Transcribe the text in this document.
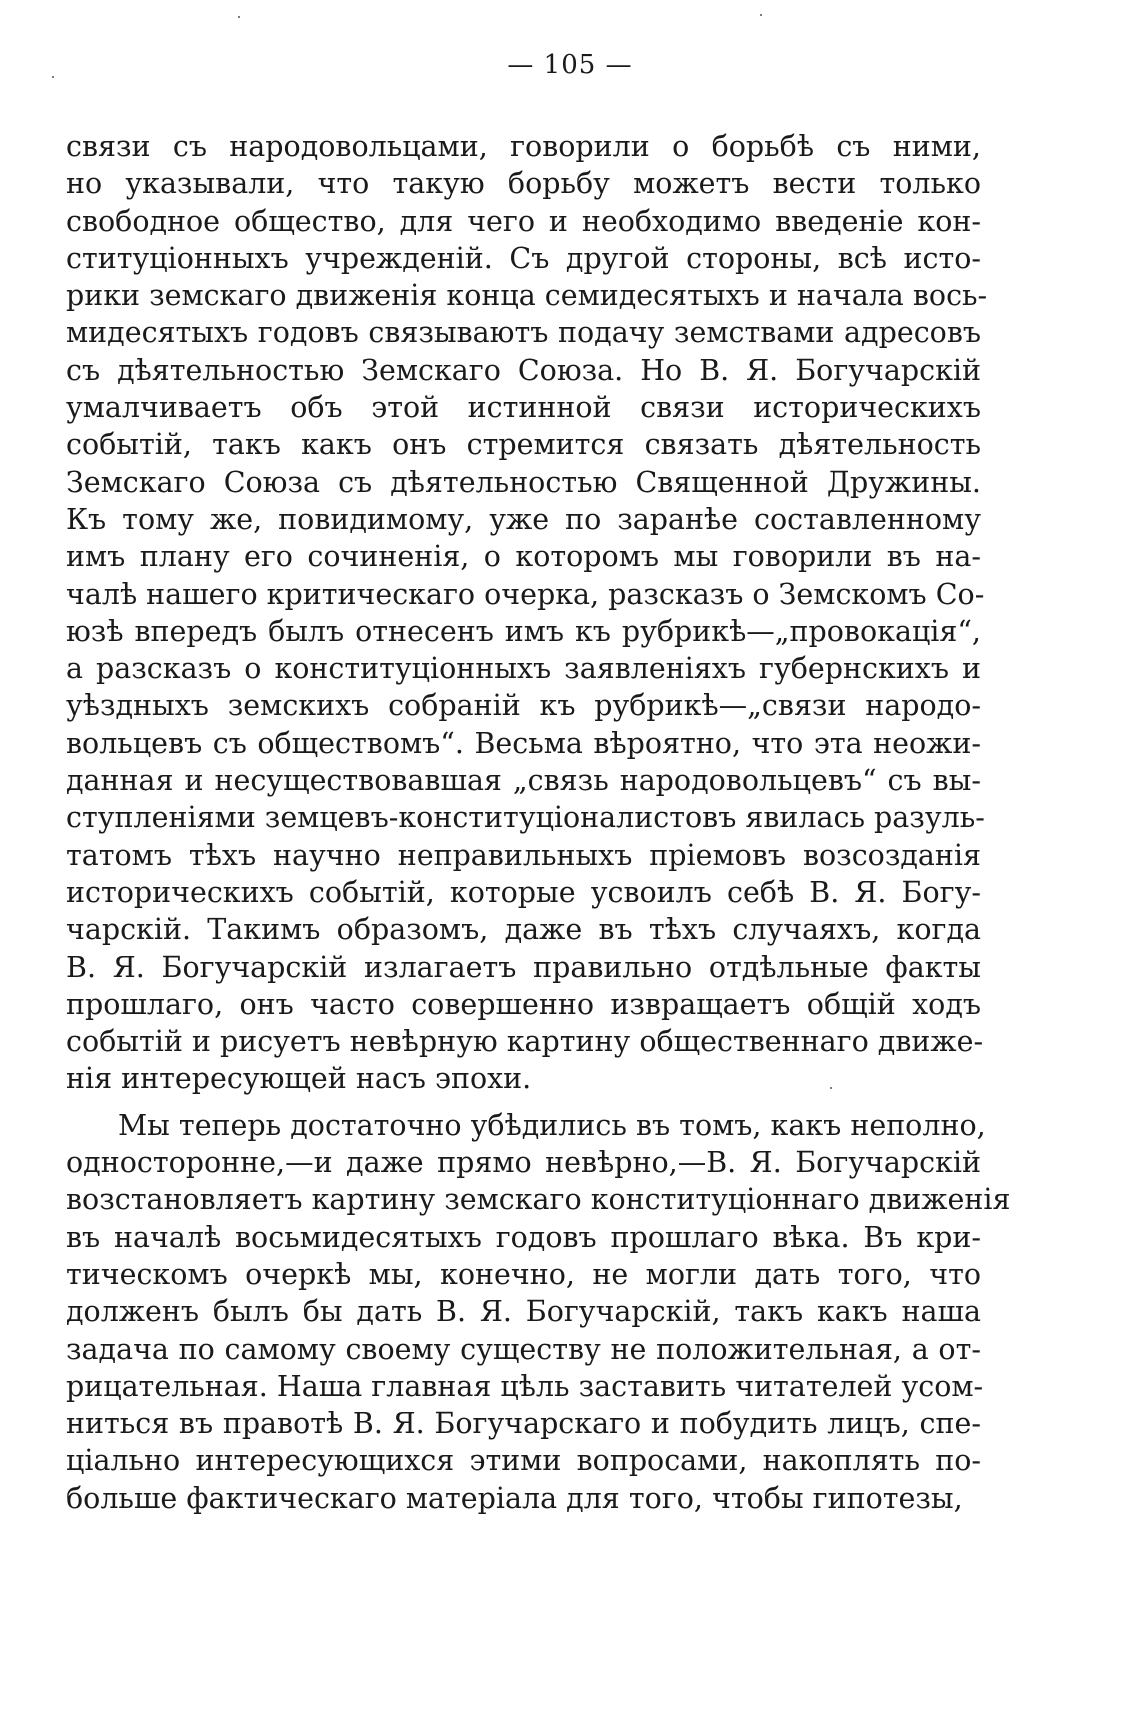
— 105 —
связи съ народовольцами, говорили о борьбѣ съ ними,
но указывали, что такую борьбу можетъ вести только
свободное общество, для чего и необходимо введеніе кон-
ституціонныхъ учрежденій. Съ другой стороны, всѣ исто-
рики земскаго движенія конца семидесятыхъ и начала вось-
мидесятыхъ годовъ связываютъ подачу земствами адресовъ
съ дѣятельностью Земскаго Союза. Но В. Я. Богучарскій
умалчиваетъ объ этой истинной связи историческихъ
событій, такъ какъ онъ стремится связать дѣятельность
Земскаго Союза съ дѣятельностью Священной Дружины.
Къ тому же, повидимому, уже по заранѣе составленному
имъ плану его сочиненія, о которомъ мы говорили въ на-
чалѣ нашего критическаго очерка, разсказъ о Земскомъ Со-
юзѣ впередъ былъ отнесенъ имъ къ рубрикѣ—„провокація“,
а разсказъ о конституціонныхъ заявленіяхъ губернскихъ и
уѣздныхъ земскихъ собраній къ рубрикѣ—„связи народо-
вольцевъ съ обществомъ“. Весьма вѣроятно, что эта неожи-
данная и несуществовавшая „связь народовольцевъ“ съ вы-
ступленіями земцевъ-конституціоналистовъ явилась разуль-
татомъ тѣхъ научно неправильныхъ пріемовъ возсозданія
историческихъ событій, которые усвоилъ себѣ В. Я. Богу-
чарскій. Такимъ образомъ, даже въ тѣхъ случаяхъ, когда
В. Я. Богучарскій излагаетъ правильно отдѣльные факты
прошлаго, онъ часто совершенно извращаетъ общій ходъ
событій и рисуетъ невѣрную картину общественнаго движе-
нія интересующей насъ эпохи.
Мы теперь достаточно убѣдились въ томъ, какъ неполно,
односторонне,—и даже прямо невѣрно,—В. Я. Богучарскій
возстановляетъ картину земскаго конституціоннаго движенія
въ началѣ восьмидесятыхъ годовъ прошлаго вѣка. Въ кри-
тическомъ очеркѣ мы, конечно, не могли дать того, что
долженъ былъ бы дать В. Я. Богучарскій, такъ какъ наша
задача по самому своему существу не положительная, а от-
рицательная. Наша главная цѣль заставить читателей усом-
ниться въ правотѣ В. Я. Богучарскаго и побудить лицъ, спе-
ціально интересующихся этими вопросами, накоплять по-
больше фактическаго матеріала для того, чтобы гипотезы,
